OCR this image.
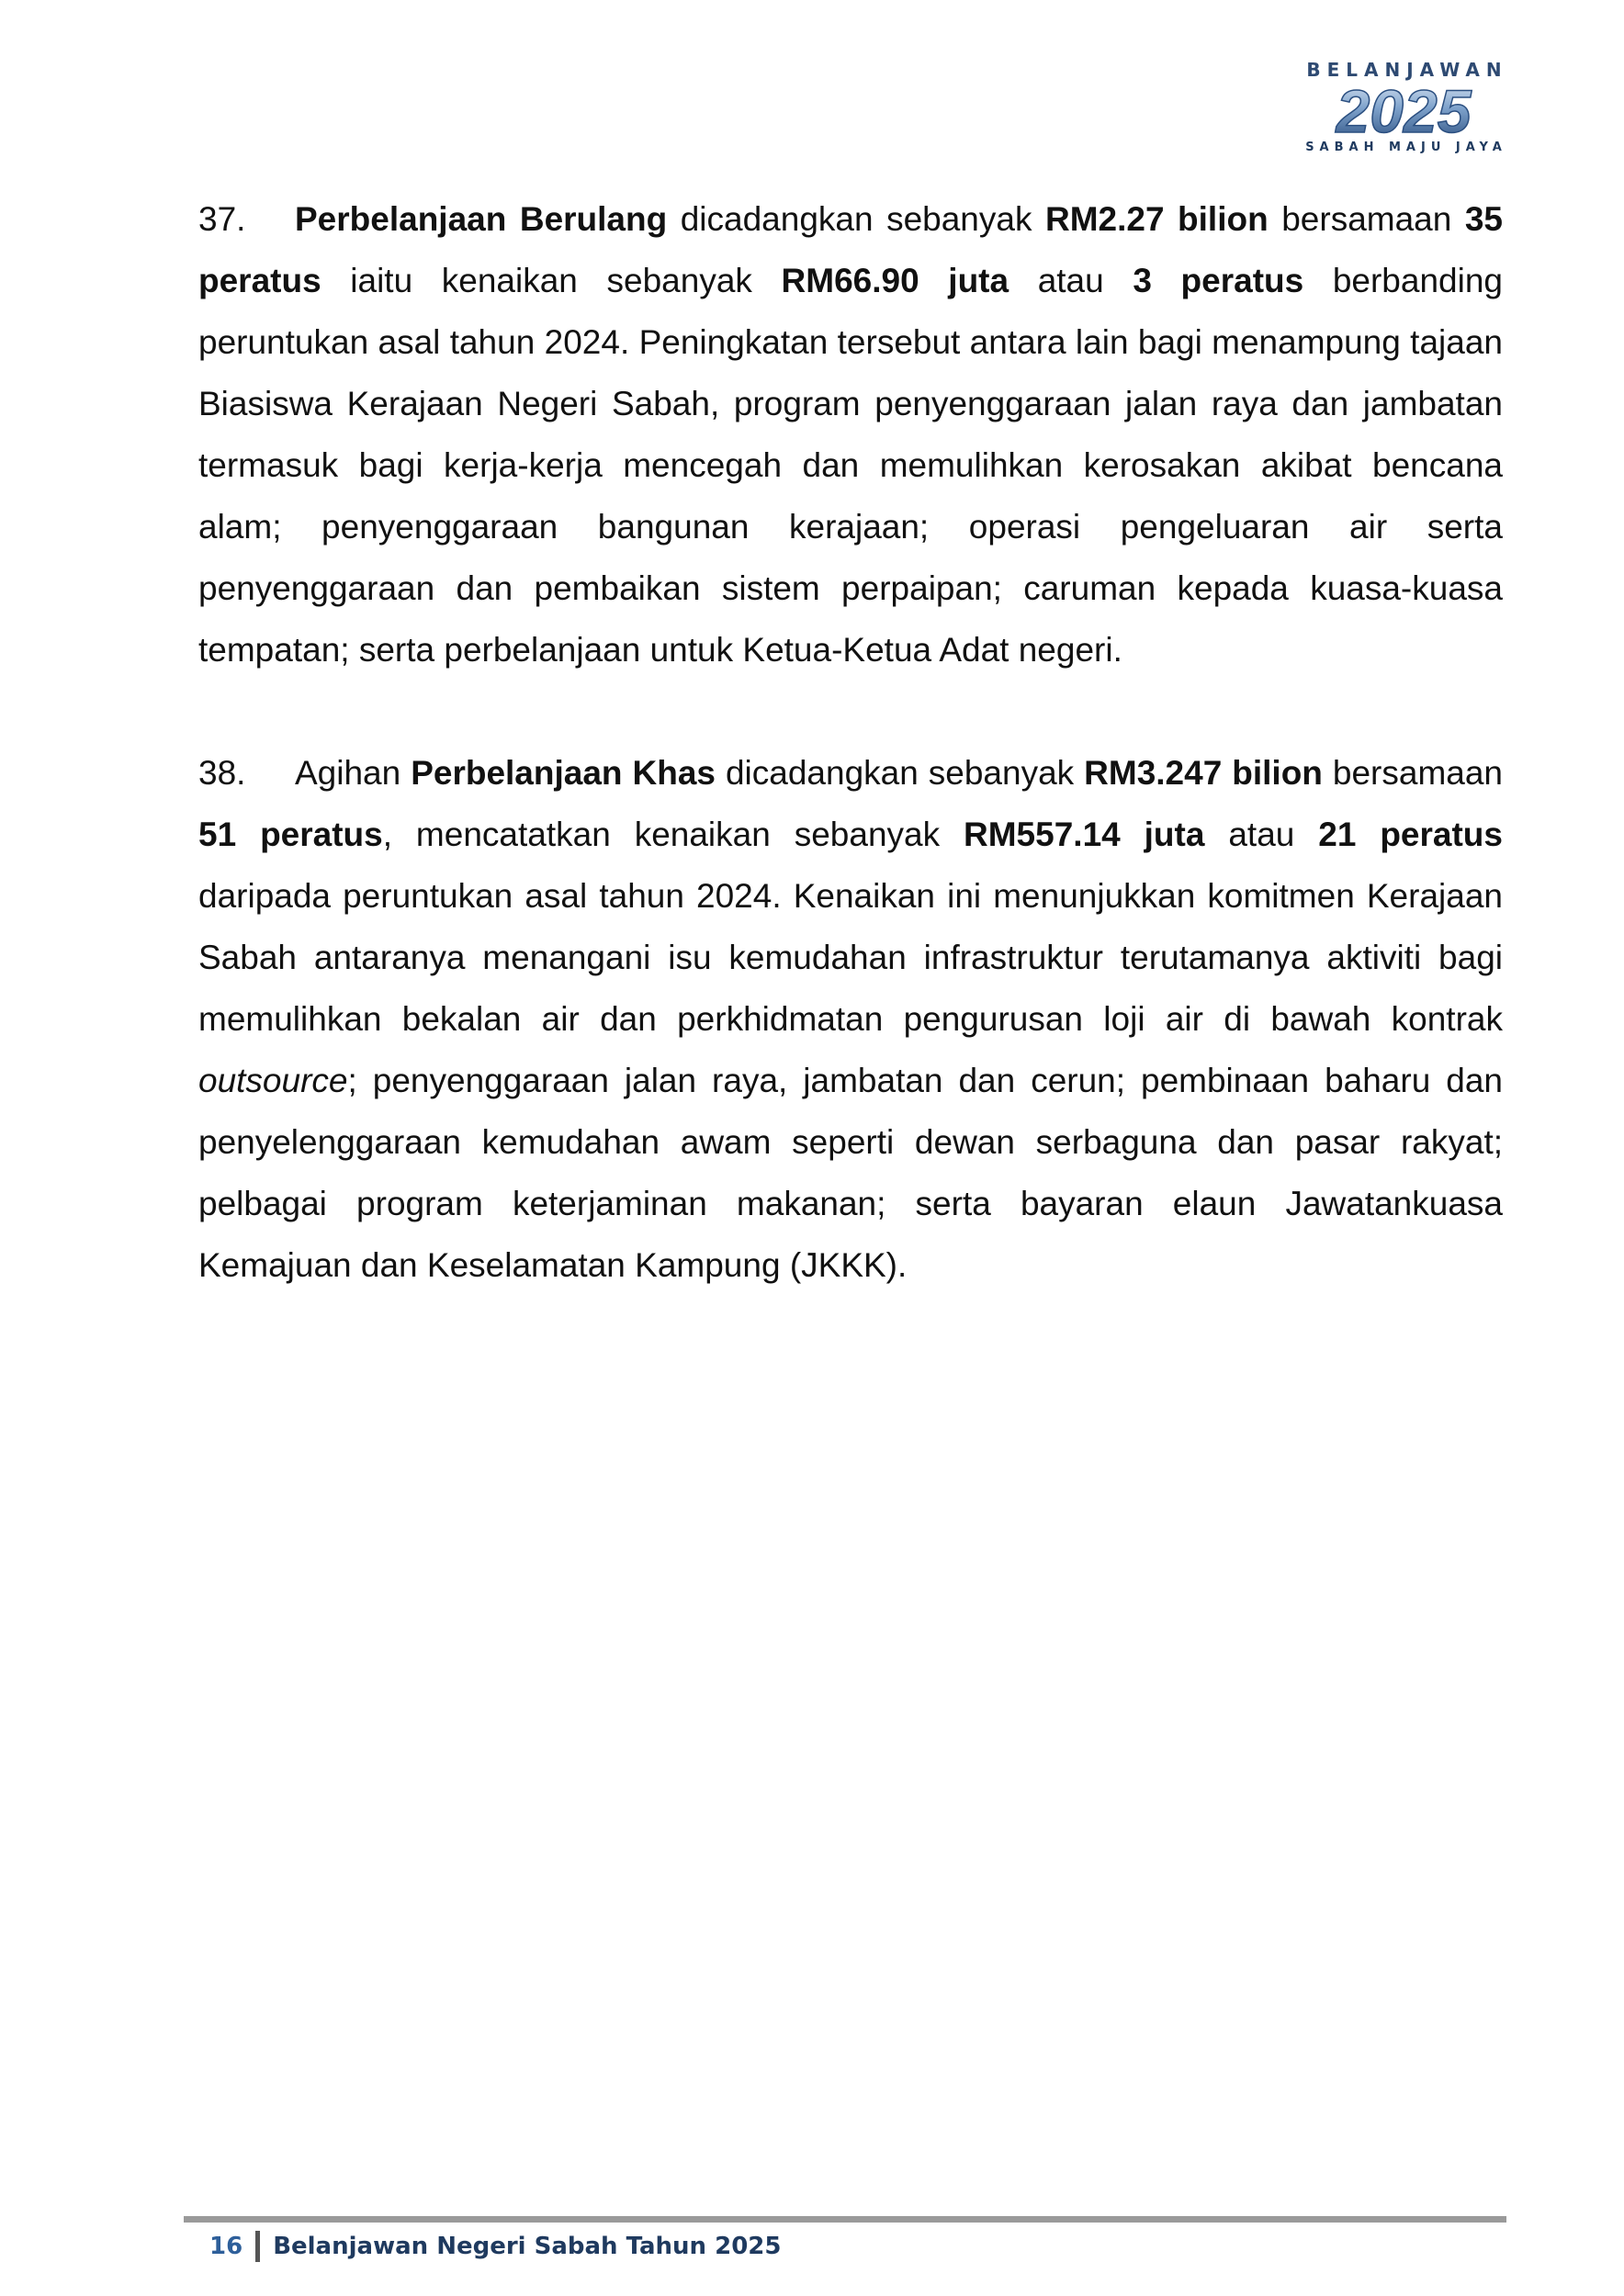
BELANJAWAN
2025
SABAH MAJU JAYA

37. Perbelanjaan Berulang dicadangkan sebanyak RM2.27 bilion bersamaan 35 peratus iaitu kenaikan sebanyak RM66.90 juta atau 3 peratus berbanding peruntukan asal tahun 2024. Peningkatan tersebut antara lain bagi menampung tajaan Biasiswa Kerajaan Negeri Sabah, program penyenggaraan jalan raya dan jambatan termasuk bagi kerja-kerja mencegah dan memulihkan kerosakan akibat bencana alam; penyenggaraan bangunan kerajaan; operasi pengeluaran air serta penyenggaraan dan pembaikan sistem perpaipan; caruman kepada kuasa-kuasa tempatan; serta perbelanjaan untuk Ketua-Ketua Adat negeri.

38. Agihan Perbelanjaan Khas dicadangkan sebanyak RM3.247 bilion bersamaan 51 peratus, mencatatkan kenaikan sebanyak RM557.14 juta atau 21 peratus daripada peruntukan asal tahun 2024. Kenaikan ini menunjukkan komitmen Kerajaan Sabah antaranya menangani isu kemudahan infrastruktur terutamanya aktiviti bagi memulihkan bekalan air dan perkhidmatan pengurusan loji air di bawah kontrak outsource; penyenggaraan jalan raya, jambatan dan cerun; pembinaan baharu dan penyelenggaraan kemudahan awam seperti dewan serbaguna dan pasar rakyat; pelbagai program keterjaminan makanan; serta bayaran elaun Jawatankuasa Kemajuan dan Keselamatan Kampung (JKKK).

16 Belanjawan Negeri Sabah Tahun 2025
